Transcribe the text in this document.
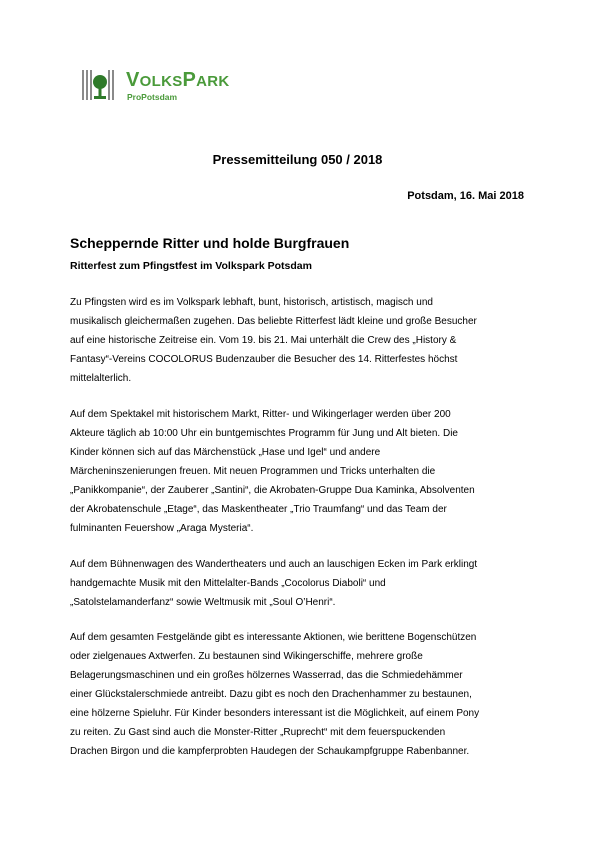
VOLKSPARK
ProPotsdam
Pressemitteilung 050 / 2018
Potsdam, 16. Mai 2018
Scheppernde Ritter und holde Burgfrauen
Ritterfest zum Pfingstfest im Volkspark Potsdam

Zu Pfingsten wird es im Volkspark lebhaft, bunt, historisch, artistisch, magisch und
musikalisch gleichermaßen zugehen. Das beliebte Ritterfest lädt kleine und große Besucher
auf eine historische Zeitreise ein. Vom 19. bis 21. Mai unterhält die Crew des „History &
Fantasy“-Vereins COCOLORUS Budenzauber die Besucher des 14. Ritterfestes höchst
mittelalterlich.

Auf dem Spektakel mit historischem Markt, Ritter- und Wikingerlager werden über 200
Akteure täglich ab 10:00 Uhr ein buntgemischtes Programm für Jung und Alt bieten. Die
Kinder können sich auf das Märchenstück „Hase und Igel“ und andere
Märcheninszenierungen freuen. Mit neuen Programmen und Tricks unterhalten die
„Panikkompanie“, der Zauberer „Santini“, die Akrobaten-Gruppe Dua Kaminka, Absolventen
der Akrobatenschule „Etage“, das Maskentheater „Trio Traumfang“ und das Team der
fulminanten Feuershow „Araga Mysteria“.

Auf dem Bühnenwagen des Wandertheaters und auch an lauschigen Ecken im Park erklingt
handgemachte Musik mit den Mittelalter-Bands „Cocolorus Diaboli“ und
„Satolstelamanderfanz“ sowie Weltmusik mit „Soul O’Henri“.

Auf dem gesamten Festgelände gibt es interessante Aktionen, wie berittene Bogenschützen
oder zielgenaues Axtwerfen. Zu bestaunen sind Wikingerschiffe, mehrere große
Belagerungsmaschinen und ein großes hölzernes Wasserrad, das die Schmiedehämmer
einer Glückstalerschmiede antreibt. Dazu gibt es noch den Drachenhammer zu bestaunen,
eine hölzerne Spieluhr. Für Kinder besonders interessant ist die Möglichkeit, auf einem Pony
zu reiten. Zu Gast sind auch die Monster-Ritter „Ruprecht“ mit dem feuerspuckenden
Drachen Birgon und die kampferprobten Haudegen der Schaukampfgruppe Rabenbanner.
